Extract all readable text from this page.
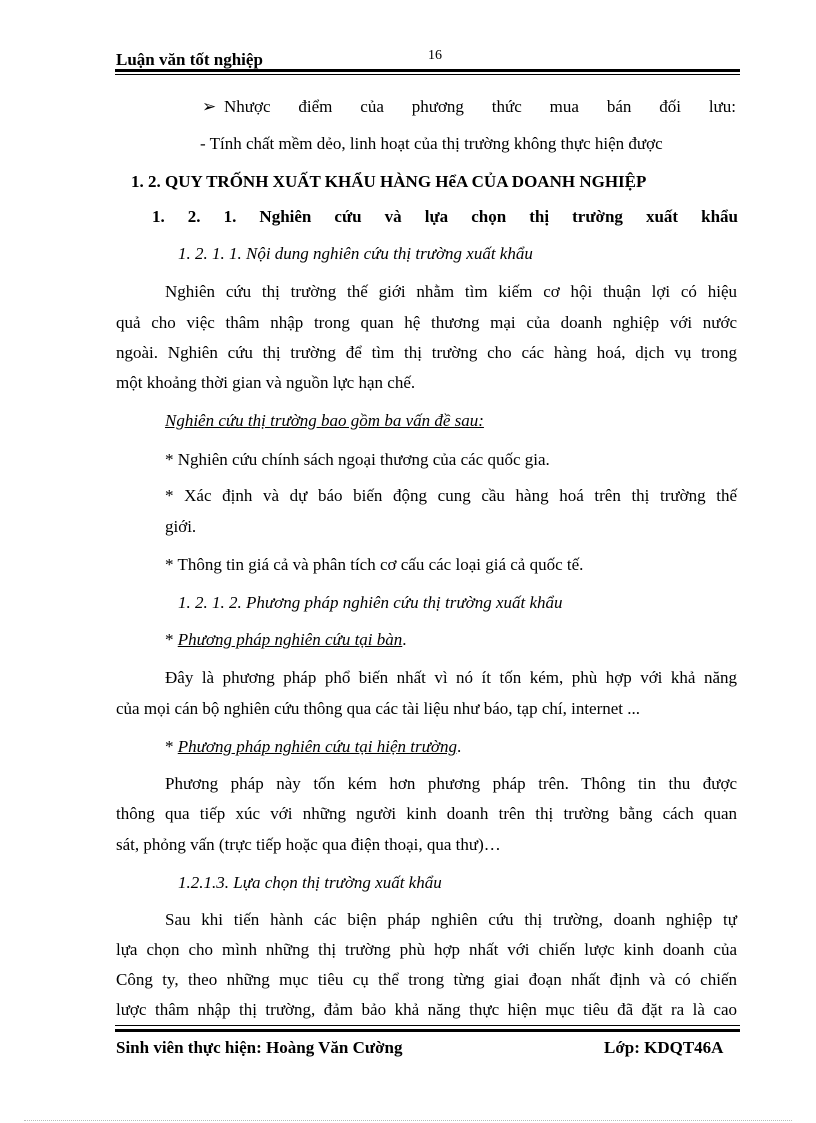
Luận văn tốt nghiệp	16
➢ Nhược điểm của phương thức mua bán đối lưu:
- Tính chất mềm dẻo, linh hoạt của thị trường không thực hiện được
1. 2. QUY TRỐNH XUẤT KHẨU HÀNG HểA CỦA DOANH NGHIỆP
1. 2. 1. Nghiên cứu và lựa chọn thị trường xuất khẩu
1. 2. 1. 1. Nội dung nghiên cứu thị trường xuất khẩu
Nghiên cứu thị trường thế giới nhằm tìm kiếm cơ hội thuận lợi có hiệu
quả cho việc thâm nhập trong quan hệ thương mại của doanh nghiệp với nước
ngoài. Nghiên cứu thị trường để tìm thị trường cho các hàng hoá, dịch vụ trong
một khoảng thời gian và nguồn lực hạn chế.
Nghiên cứu thị trường bao gồm ba vấn đề sau:
* Nghiên cứu chính sách ngoại thương của các quốc gia.
* Xác định và dự báo biến động cung cầu hàng hoá trên thị trường thế
giới.
* Thông tin giá cả và phân tích cơ cấu các loại giá cả quốc tế.
1. 2. 1. 2. Phương pháp nghiên cứu thị trường xuất khẩu
* Phương pháp nghiên cứu tại bàn.
Đây là phương pháp phổ biến nhất vì nó ít tốn kém, phù hợp với khả năng
của mọi cán bộ nghiên cứu thông qua các tài liệu như báo, tạp chí, internet ...
* Phương pháp nghiên cứu tại hiện trường.
Phương pháp này tốn kém hơn phương pháp trên. Thông tin thu được
thông qua tiếp xúc với những người kinh doanh trên thị trường bằng cách quan
sát, phỏng vấn (trực tiếp hoặc qua điện thoại, qua thư)…
1.2.1.3. Lựa chọn thị trường xuất khẩu
Sau khi tiến hành các biện pháp nghiên cứu thị trường, doanh nghiệp tự
lựa chọn cho mình những thị trường phù hợp nhất với chiến lược kinh doanh của
Công ty, theo những mục tiêu cụ thể trong từng giai đoạn nhất định và có chiến
lược thâm nhập thị trường, đảm bảo khả năng thực hiện mục tiêu đã đặt ra là cao
Sinh viên thực hiện: Hoàng Văn Cường	Lớp: KDQT46A
